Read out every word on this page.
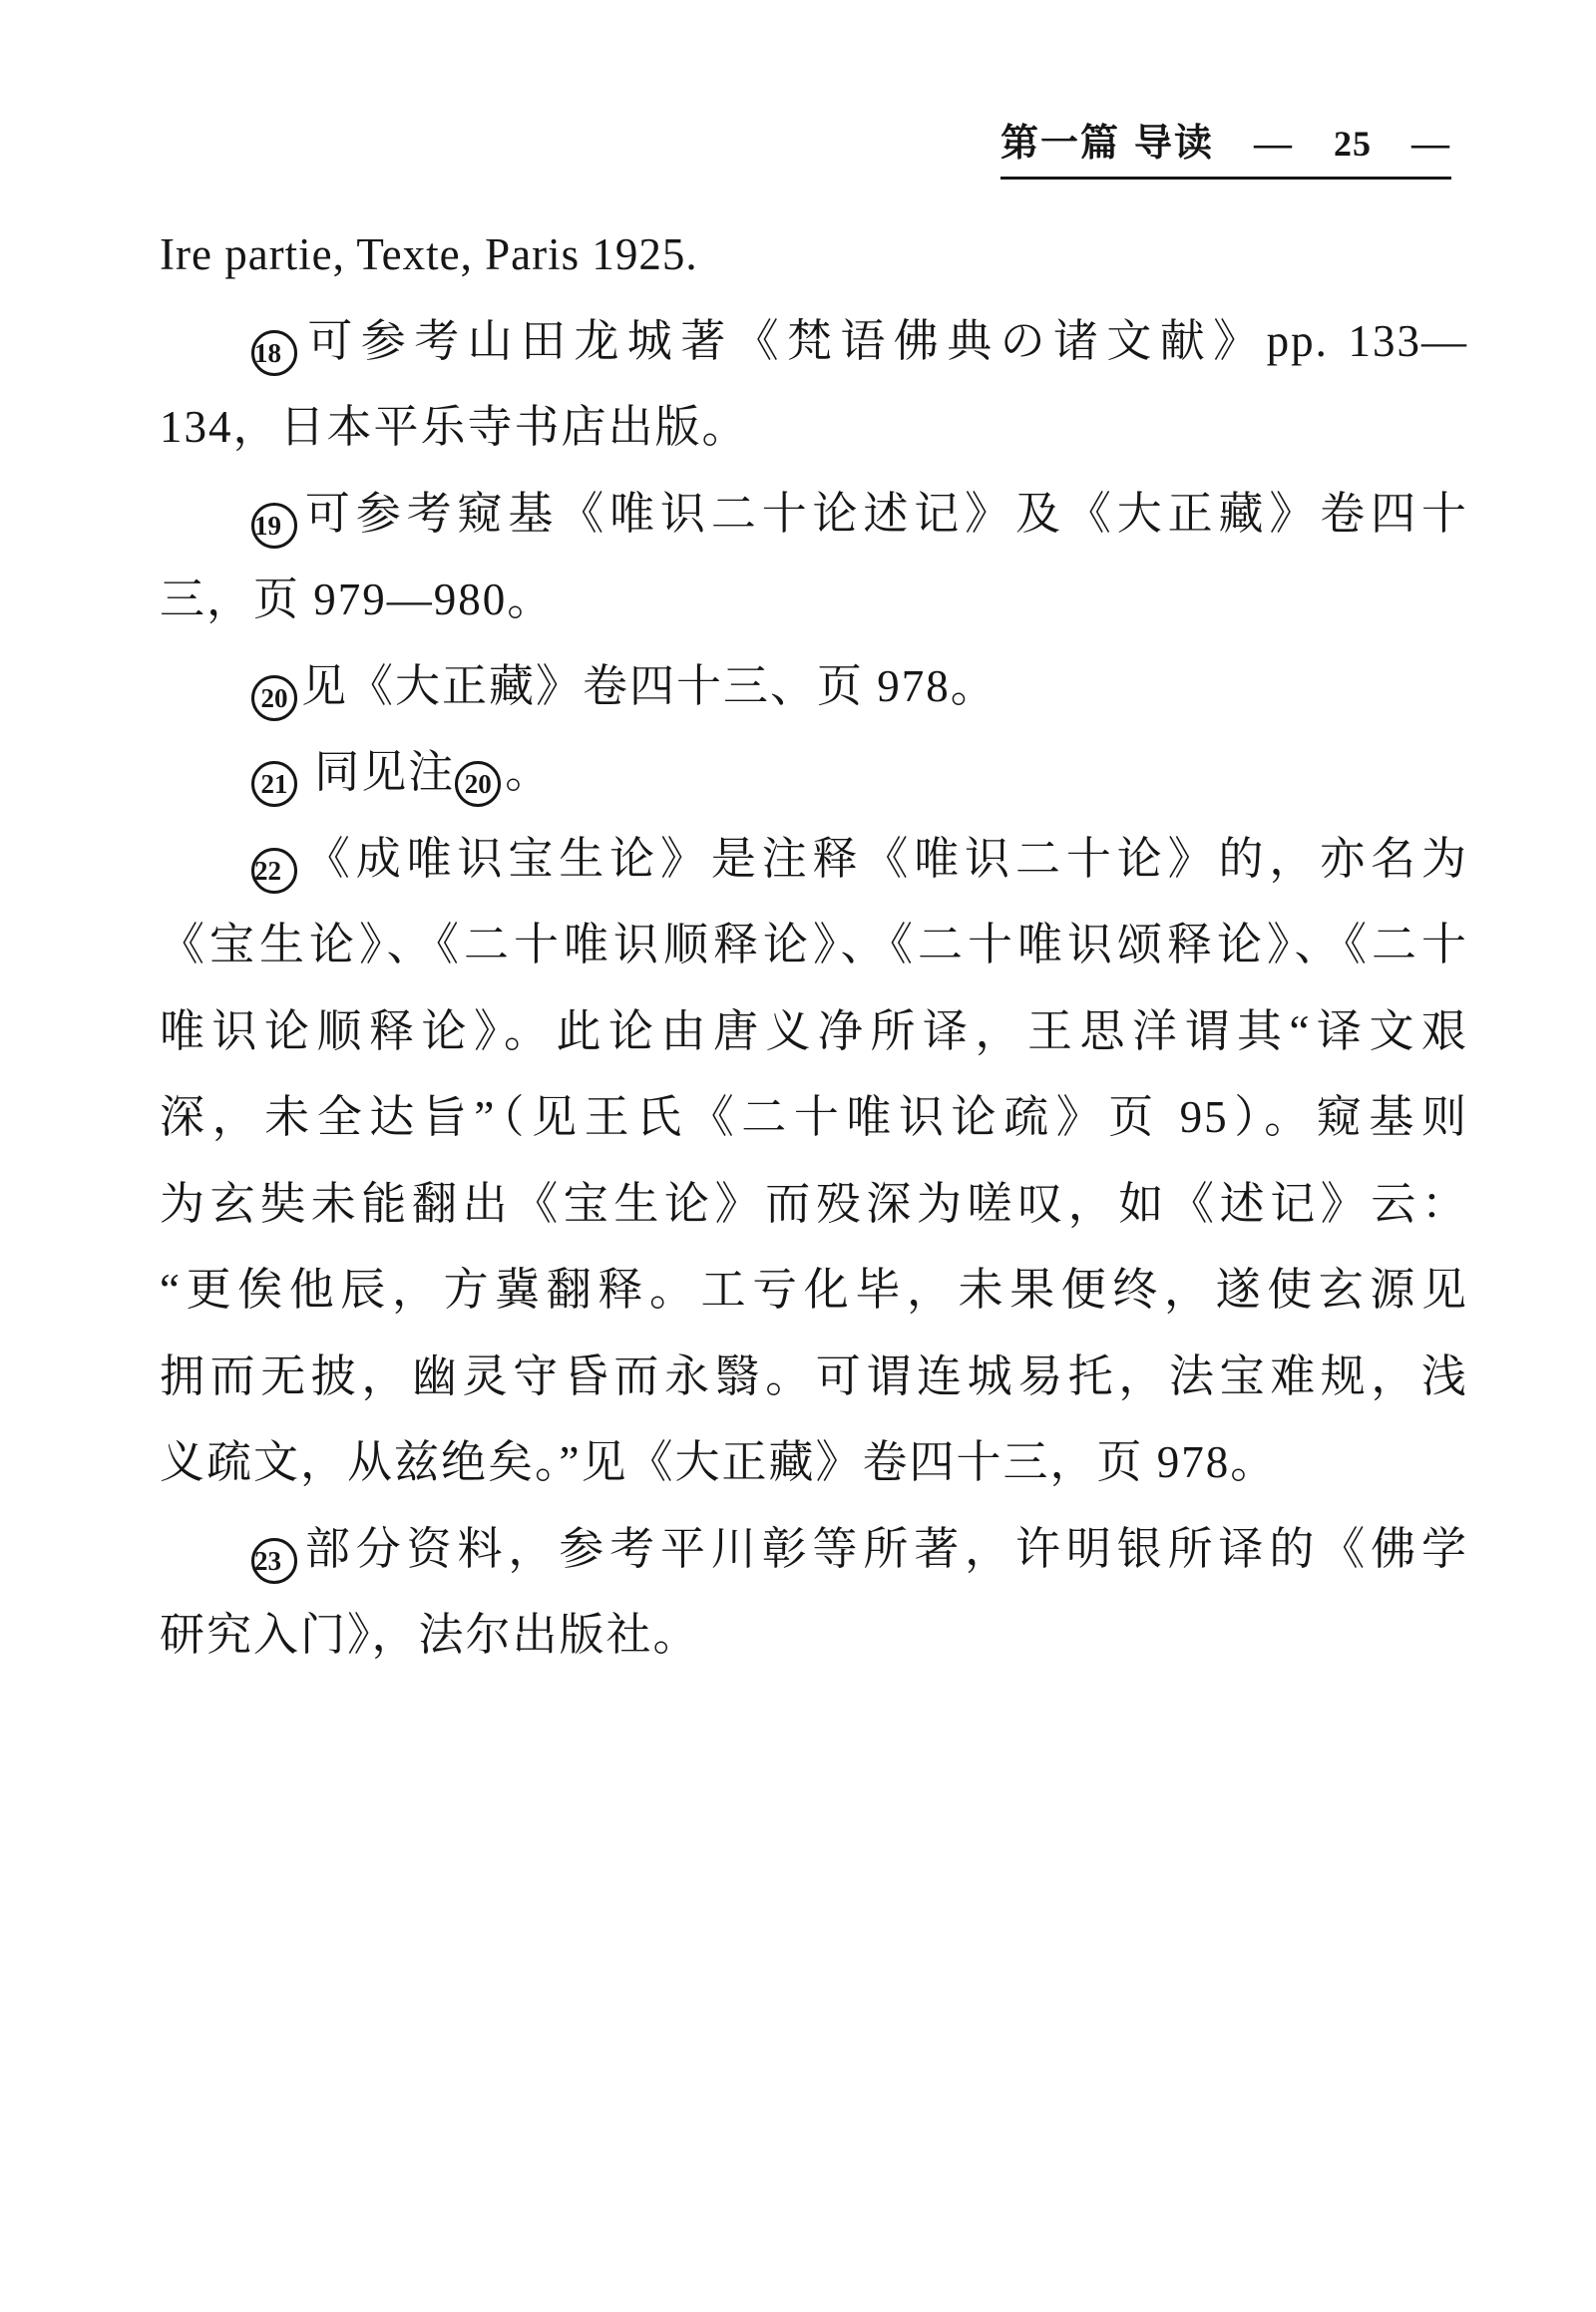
第一篇 导读 — 25 —
Ire partie, Texte, Paris 1925.
18 可参考山田龙城著《梵语佛典の诸文献》pp. 133—
134，日本平乐寺书店出版。
19 可参考窥基《唯识二十论述记》及《大正藏》卷四十
三，页 979—980。
20 见《大正藏》卷四十三、页 978。
21 同见注 20 。
22 《成唯识宝生论》是注释《唯识二十论》的，亦名为
《宝生论》、《二十唯识顺释论》、《二十唯识颂释论》、《二十
唯识论顺释论》。此论由唐义净所译，王思洋谓其“译文艰
深，未全达旨”（见王氏《二十唯识论疏》页 95）。窥基则
为玄奘未能翻出《宝生论》而殁深为嗟叹，如《述记》云：
“更俟他辰，方冀翻释。工亏化毕，未果便终，遂使玄源见
拥而无披，幽灵守昏而永翳。可谓连城易托，法宝难规，浅
义疏文，从兹绝矣。”见《大正藏》卷四十三，页 978。
23 部分资料，参考平川彰等所著，许明银所译的《佛学
研究入门》，法尔出版社。
